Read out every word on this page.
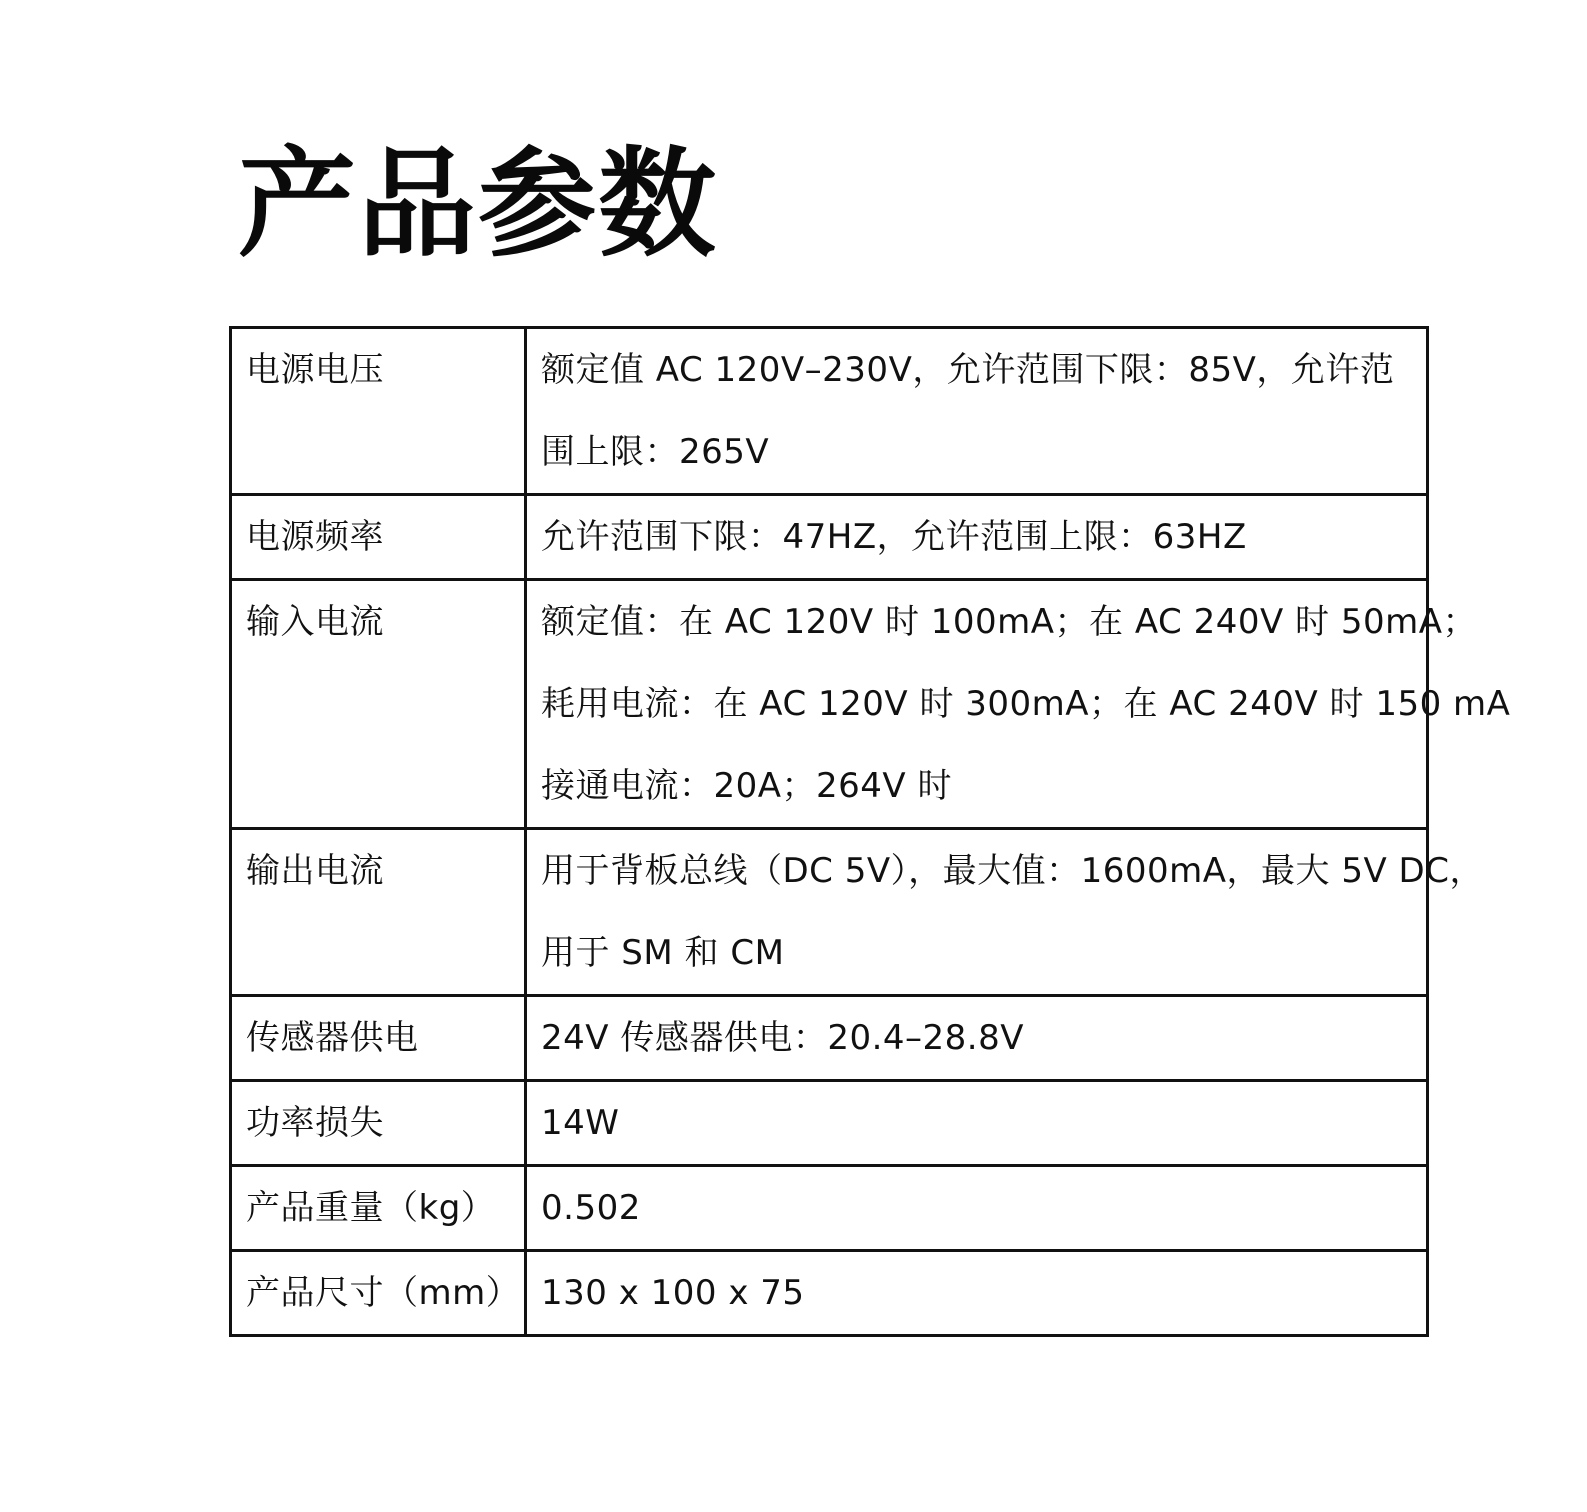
产品参数
电源电压	额定值 AC 120V–230V，允许范围下限：85V，允许范
围上限：265V

电源频率	允许范围下限：47HZ，允许范围上限：63HZ

输入电流	额定值：在 AC 120V 时 100mA；在 AC 240V 时 50mA；
耗用电流：在 AC 120V 时 300mA；在 AC 240V 时 150 mA
接通电流：20A；264V 时

输出电流	用于背板总线（DC 5V），最大值：1600mA，最大 5V DC，
用于 SM 和 CM

传感器供电	24V 传感器供电：20.4–28.8V

功率损失	14W

产品重量（kg）	0.502

产品尺寸（mm）	130 x 100 x 75
